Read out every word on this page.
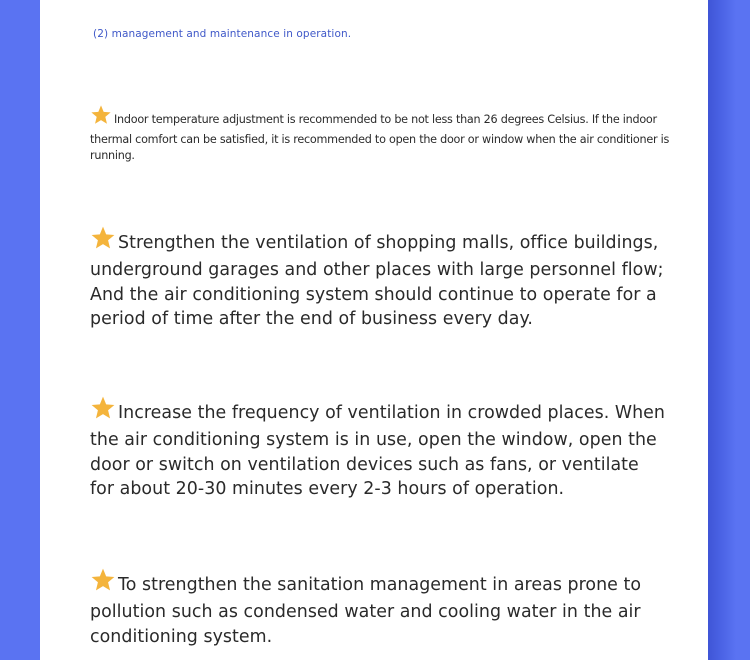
(2) management and maintenance in operation.

Indoor temperature adjustment is recommended to be not less than 26 degrees Celsius. If the indoor thermal comfort can be satisfied, it is recommended to open the door or window when the air conditioner is running.

Strengthen the ventilation of shopping malls, office buildings, underground garages and other places with large personnel flow; And the air conditioning system should continue to operate for a period of time after the end of business every day.

Increase the frequency of ventilation in crowded places. When the air conditioning system is in use, open the window, open the door or switch on ventilation devices such as fans, or ventilate for about 20-30 minutes every 2-3 hours of operation.

To strengthen the sanitation management in areas prone to pollution such as condensed water and cooling water in the air conditioning system.
